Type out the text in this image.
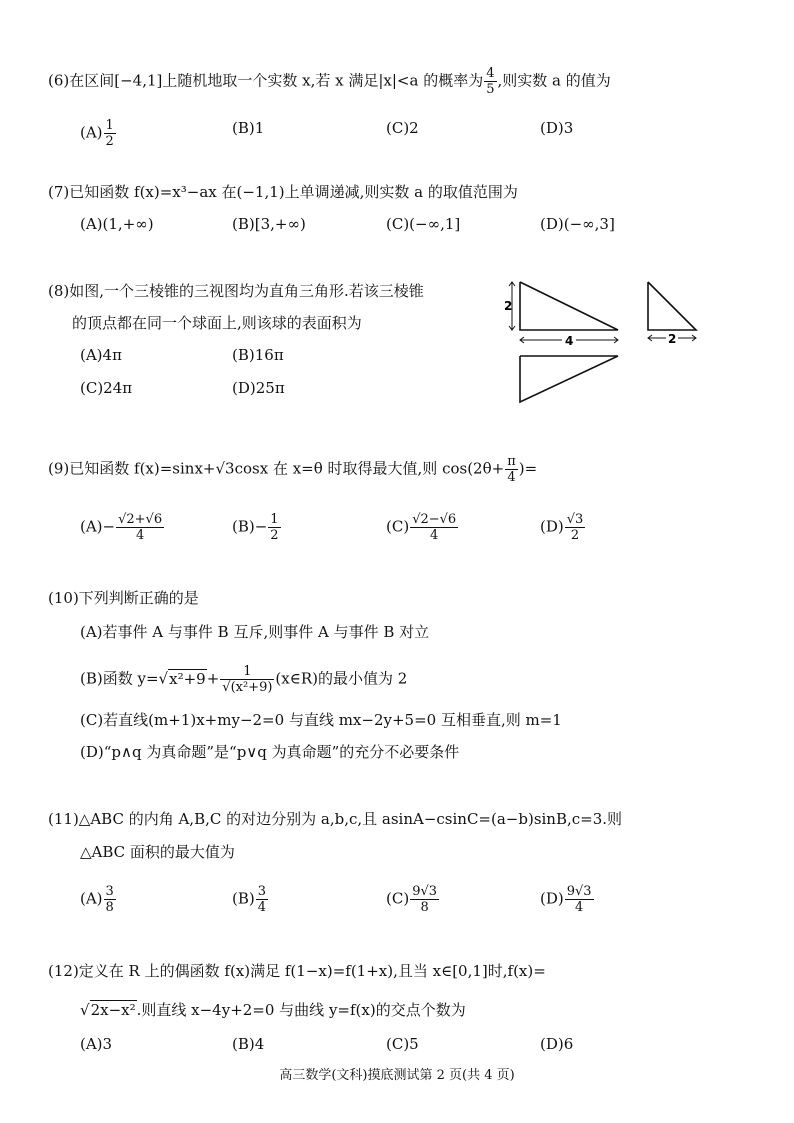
(6)在区间[−4,1]上随机地取一个实数 x,若 x 满足|x|<a 的概率为 $\frac{4}{5}$ ,则实数 a 的值为
$(A) \frac{1}{2}$	(B)1	(C)2	(D)3
(7)已知函数 f(x)=x³−ax 在(−1,1)上单调递减,则实数 a 的取值范围为
(A)(1,+∞)	(B)[3,+∞)	(C)(−∞,1]	(D)(−∞,3]
(8)如图,一个三棱锥的三视图均为直角三角形.若该三棱锥
的顶点都在同一个球面上,则该球的表面积为
(A)4π	(B)16π
(C)24π	(D)25π
2
4	2
(9)已知函数 f(x)=sinx+√3cosx 在 x=θ 时取得最大值,则 $\cos(2\theta+ \frac{\pi}{4}$ )=
$(A)- \frac{√2+√6}{4}$	$(B)- \frac{1}{2}$	$(C) \frac{√2-√6}{4}$	$(D) \frac{√3}{2}$
(10)下列判断正确的是
(A)若事件 A 与事件 B 互斥,则事件 A 与事件 B 对立
(B)函数 $y=√x^2+9+ \frac{1}{\text{√(x²+9)}}$ (x∈R)的最小值为 2
(C)若直线(m+1)x+my−2=0 与直线 mx−2y+5=0 互相垂直,则 m=1
(D)“p∧q 为真命题”是“p∨q 为真命题”的充分不必要条件
(11)△ABC 的内角 A,B,C 的对边分别为 a,b,c,且 asinA−csinC=(a−b)sinB,c=3.则
△ABC 面积的最大值为
$(A) \frac{3}{8}$	$(B) \frac{3}{4}$	$(C) \frac{9√3}{8}$	$(D) \frac{9√3}{4}$
(12)定义在 R 上的偶函数 f(x)满足 f(1−x)=f(1+x),且当 x∈[0,1]时,f(x)=
√2x−x².则直线 x−4y+2=0 与曲线 y=f(x)的交点个数为
(A)3	(B)4	(C)5	(D)6
高三数学(文科)摸底测试第 2 页(共 4 页)
